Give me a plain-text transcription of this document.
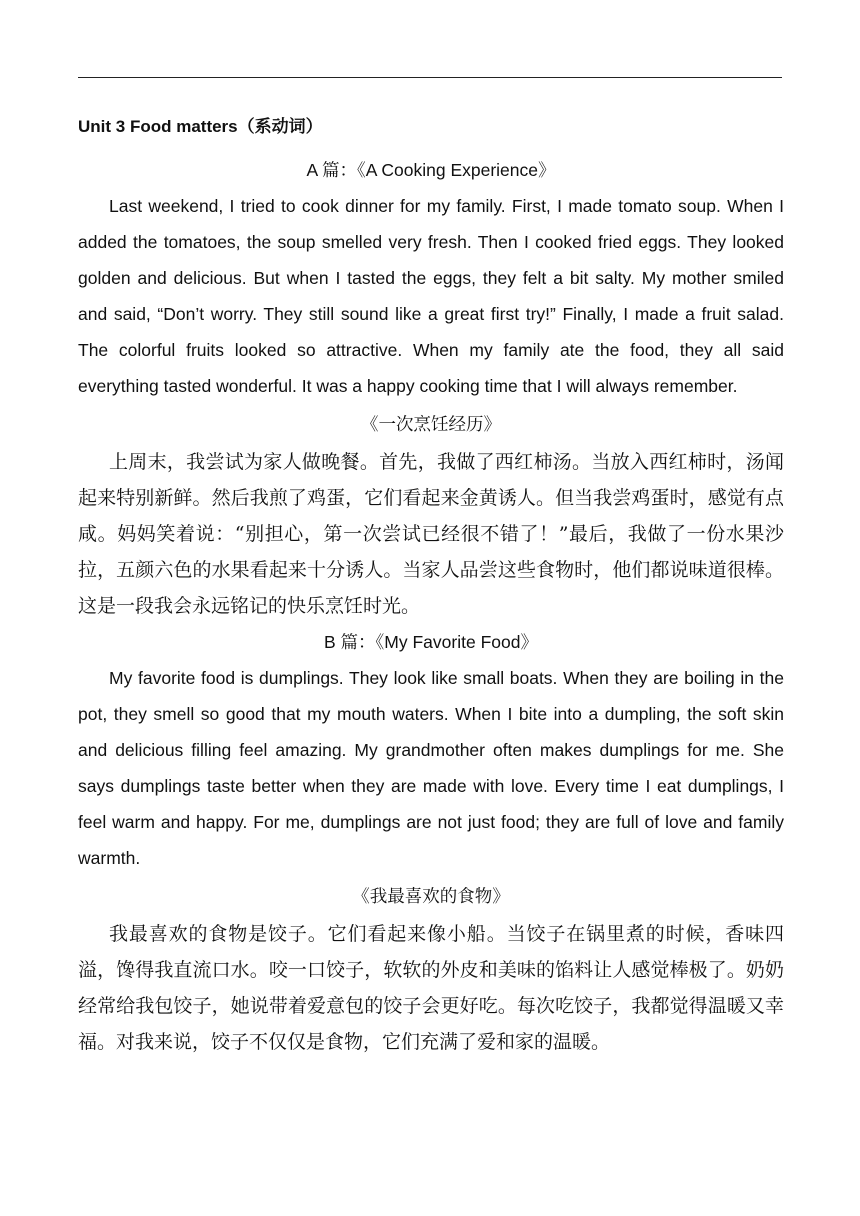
Unit 3 Food matters（系动词）
A 篇：《A Cooking Experience》

Last weekend, I tried to cook dinner for my family. First, I made tomato soup. When I added the tomatoes, the soup smelled very fresh. Then I cooked fried eggs. They looked golden and delicious. But when I tasted the eggs, they felt a bit salty. My mother smiled and said, “Don’t worry. They still sound like a great first try!” Finally, I made a fruit salad. The colorful fruits looked so attractive. When my family ate the food, they all said everything tasted wonderful. It was a happy cooking time that I will always remember.

《一次烹饪经历》

上周末，我尝试为家人做晚餐。首先，我做了西红柿汤。当放入西红柿时，汤闻起来特别新鲜。然后我煎了鸡蛋，它们看起来金黄诱人。但当我尝鸡蛋时，感觉有点咸。妈妈笑着说：“别担心，第一次尝试已经很不错了！”最后，我做了一份水果沙拉，五颜六色的水果看起来十分诱人。当家人品尝这些食物时，他们都说味道很棒。这是一段我会永远铭记的快乐烹饪时光。

B 篇：《My Favorite Food》

My favorite food is dumplings. They look like small boats. When they are boiling in the pot, they smell so good that my mouth waters. When I bite into a dumpling, the soft skin and delicious filling feel amazing. My grandmother often makes dumplings for me. She says dumplings taste better when they are made with love. Every time I eat dumplings, I feel warm and happy. For me, dumplings are not just food; they are full of love and family warmth.

《我最喜欢的食物》

我最喜欢的食物是饺子。它们看起来像小船。当饺子在锅里煮的时候，香味四溢，馋得我直流口水。咬一口饺子，软软的外皮和美味的馅料让人感觉棒极了。奶奶经常给我包饺子，她说带着爱意包的饺子会更好吃。每次吃饺子，我都觉得温暖又幸福。对我来说，饺子不仅仅是食物，它们充满了爱和家的温暖。
